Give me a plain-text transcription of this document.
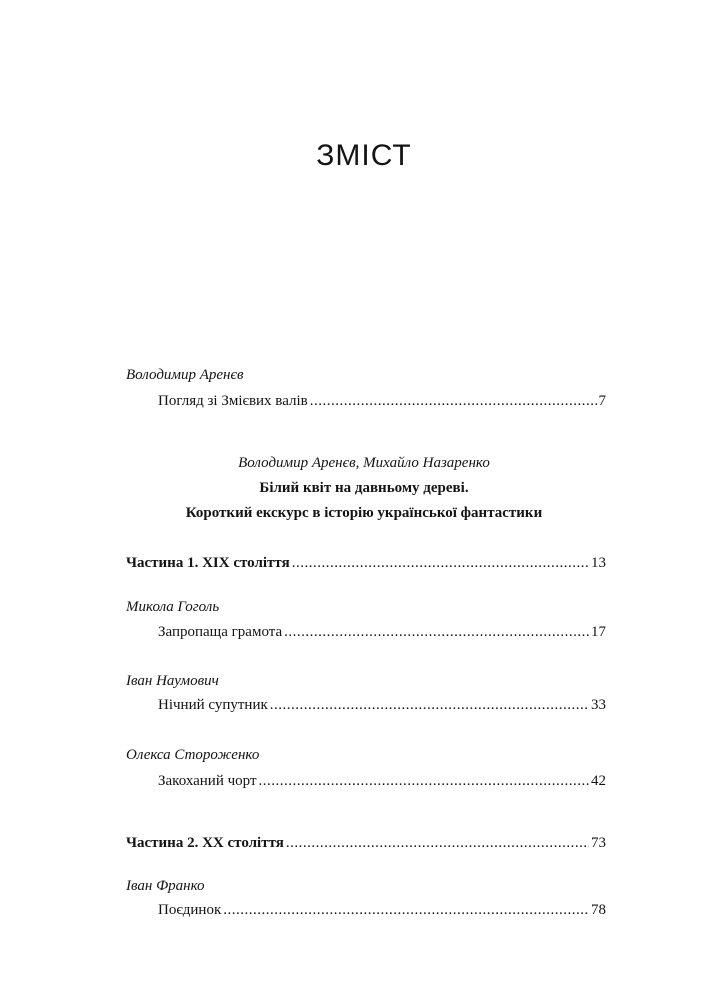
ЗМІСТ
Володимир Аренєв
Погляд зі Змієвих валів .....	7
Володимир Аренєв, Михайло Назаренко
Білий квіт на давньому дереві.
Короткий екскурс в історію української фантастики
Частина 1. XIX століття .....	13
Микола Гоголь
Запропаща грамота .....	17
Іван Наумович
Нічний супутник .....	33
Олекса Стороженко
Закоханий чорт .....	42
Частина 2. XX століття .....	73
Іван Франко
Поєдинок .....	78
